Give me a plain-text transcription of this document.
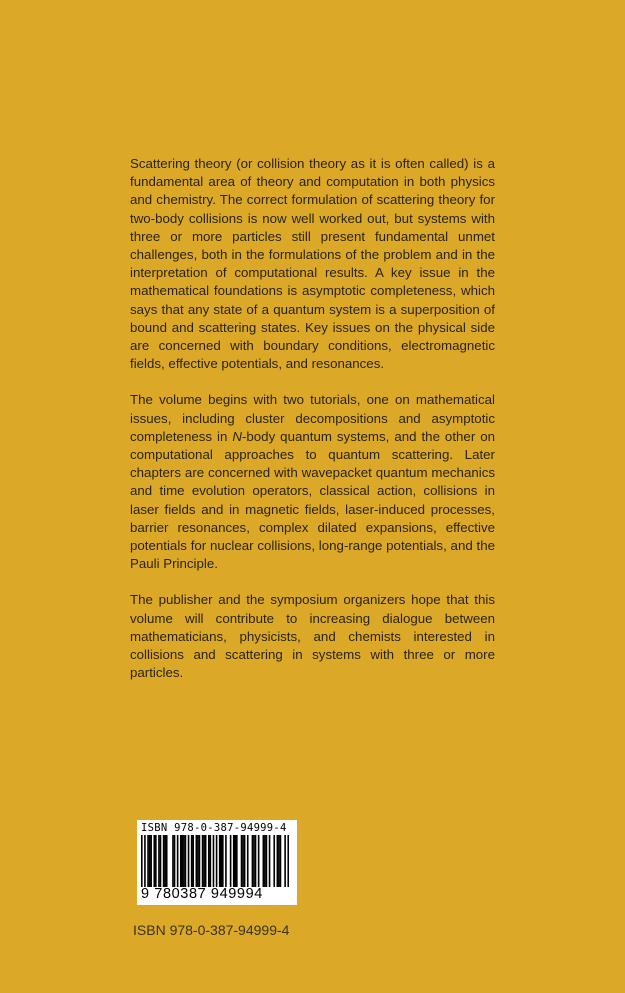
Scattering theory (or collision theory as it is often called) is a fundamental area of theory and computation in both physics and chemistry. The correct formulation of scattering theory for two-body collisions is now well worked out, but systems with three or more particles still present fundamental unmet challenges, both in the formulations of the problem and in the interpretation of computational results. A key issue in the mathematical foundations is asymptotic completeness, which says that any state of a quantum system is a superposition of bound and scattering states. Key issues on the physical side are concerned with boundary conditions, electromagnetic fields, effective potentials, and resonances.

The volume begins with two tutorials, one on mathematical issues, including cluster decompositions and asymptotic completeness in N-body quantum systems, and the other on computational approaches to quantum scattering. Later chapters are concerned with wavepacket quantum mechanics and time evolution operators, classical action, collisions in laser fields and in magnetic fields, laser-induced processes, barrier resonances, complex dilated expansions, effective potentials for nuclear collisions, long-range potentials, and the Pauli Principle.

The publisher and the symposium organizers hope that this volume will contribute to increasing dialogue between mathematicians, physicists, and chemists interested in collisions and scattering in systems with three or more particles.

ISBN 978-0-387-94999-4
9 780387 949994
ISBN 978-0-387-94999-4
